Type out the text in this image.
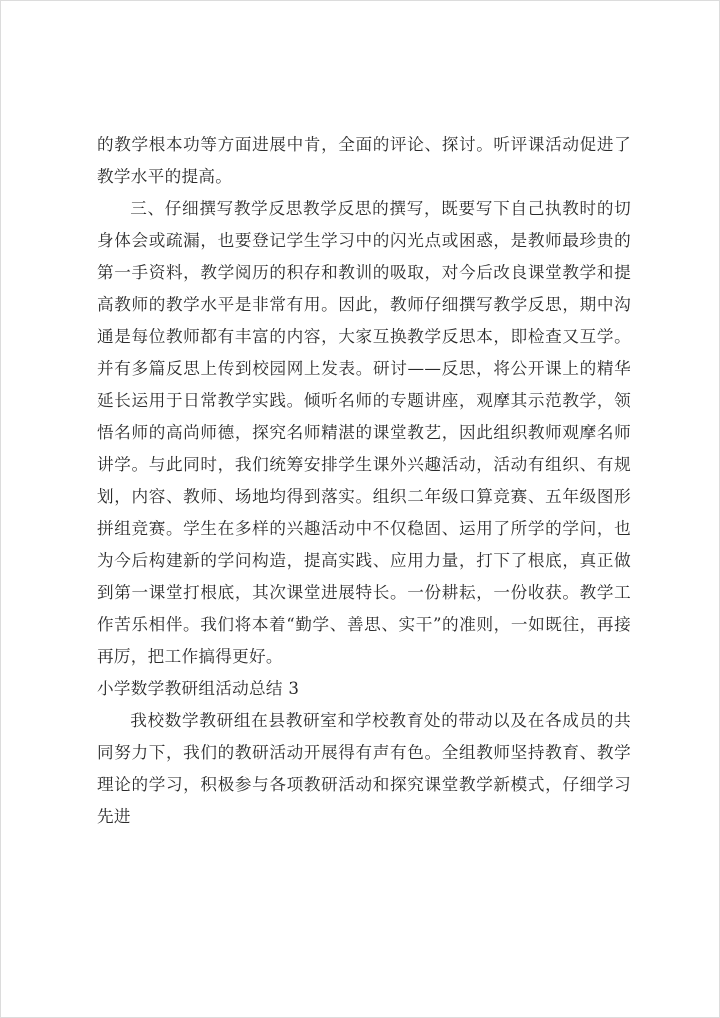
的教学根本功等方面进展中肯，全面的评论、探讨。听评课活动促进了教学水平的提高。

三、仔细撰写教学反思教学反思的撰写，既要写下自己执教时的切身体会或疏漏，也要登记学生学习中的闪光点或困惑，是教师最珍贵的第一手资料，教学阅历的积存和教训的吸取，对今后改良课堂教学和提高教师的教学水平是非常有用。因此，教师仔细撰写教学反思，期中沟通是每位教师都有丰富的内容，大家互换教学反思本，即检查又互学。并有多篇反思上传到校园网上发表。研讨——反思，将公开课上的精华延长运用于日常教学实践。倾听名师的专题讲座，观摩其示范教学，领悟名师的高尚师德，探究名师精湛的课堂教艺，因此组织教师观摩名师讲学。与此同时，我们统筹安排学生课外兴趣活动，活动有组织、有规划，内容、教师、场地均得到落实。组织二年级口算竞赛、五年级图形拼组竞赛。学生在多样的兴趣活动中不仅稳固、运用了所学的学问，也为今后构建新的学问构造，提高实践、应用力量，打下了根底，真正做到第一课堂打根底，其次课堂进展特长。一份耕耘，一份收获。教学工作苦乐相伴。我们将本着“勤学、善思、实干”的准则，一如既往，再接再厉，把工作搞得更好。

小学数学教研组活动总结 3

我校数学教研组在县教研室和学校教育处的带动以及在各成员的共同努力下，我们的教研活动开展得有声有色。全组教师坚持教育、教学理论的学习，积极参与各项教研活动和探究课堂教学新模式，仔细学习先进
